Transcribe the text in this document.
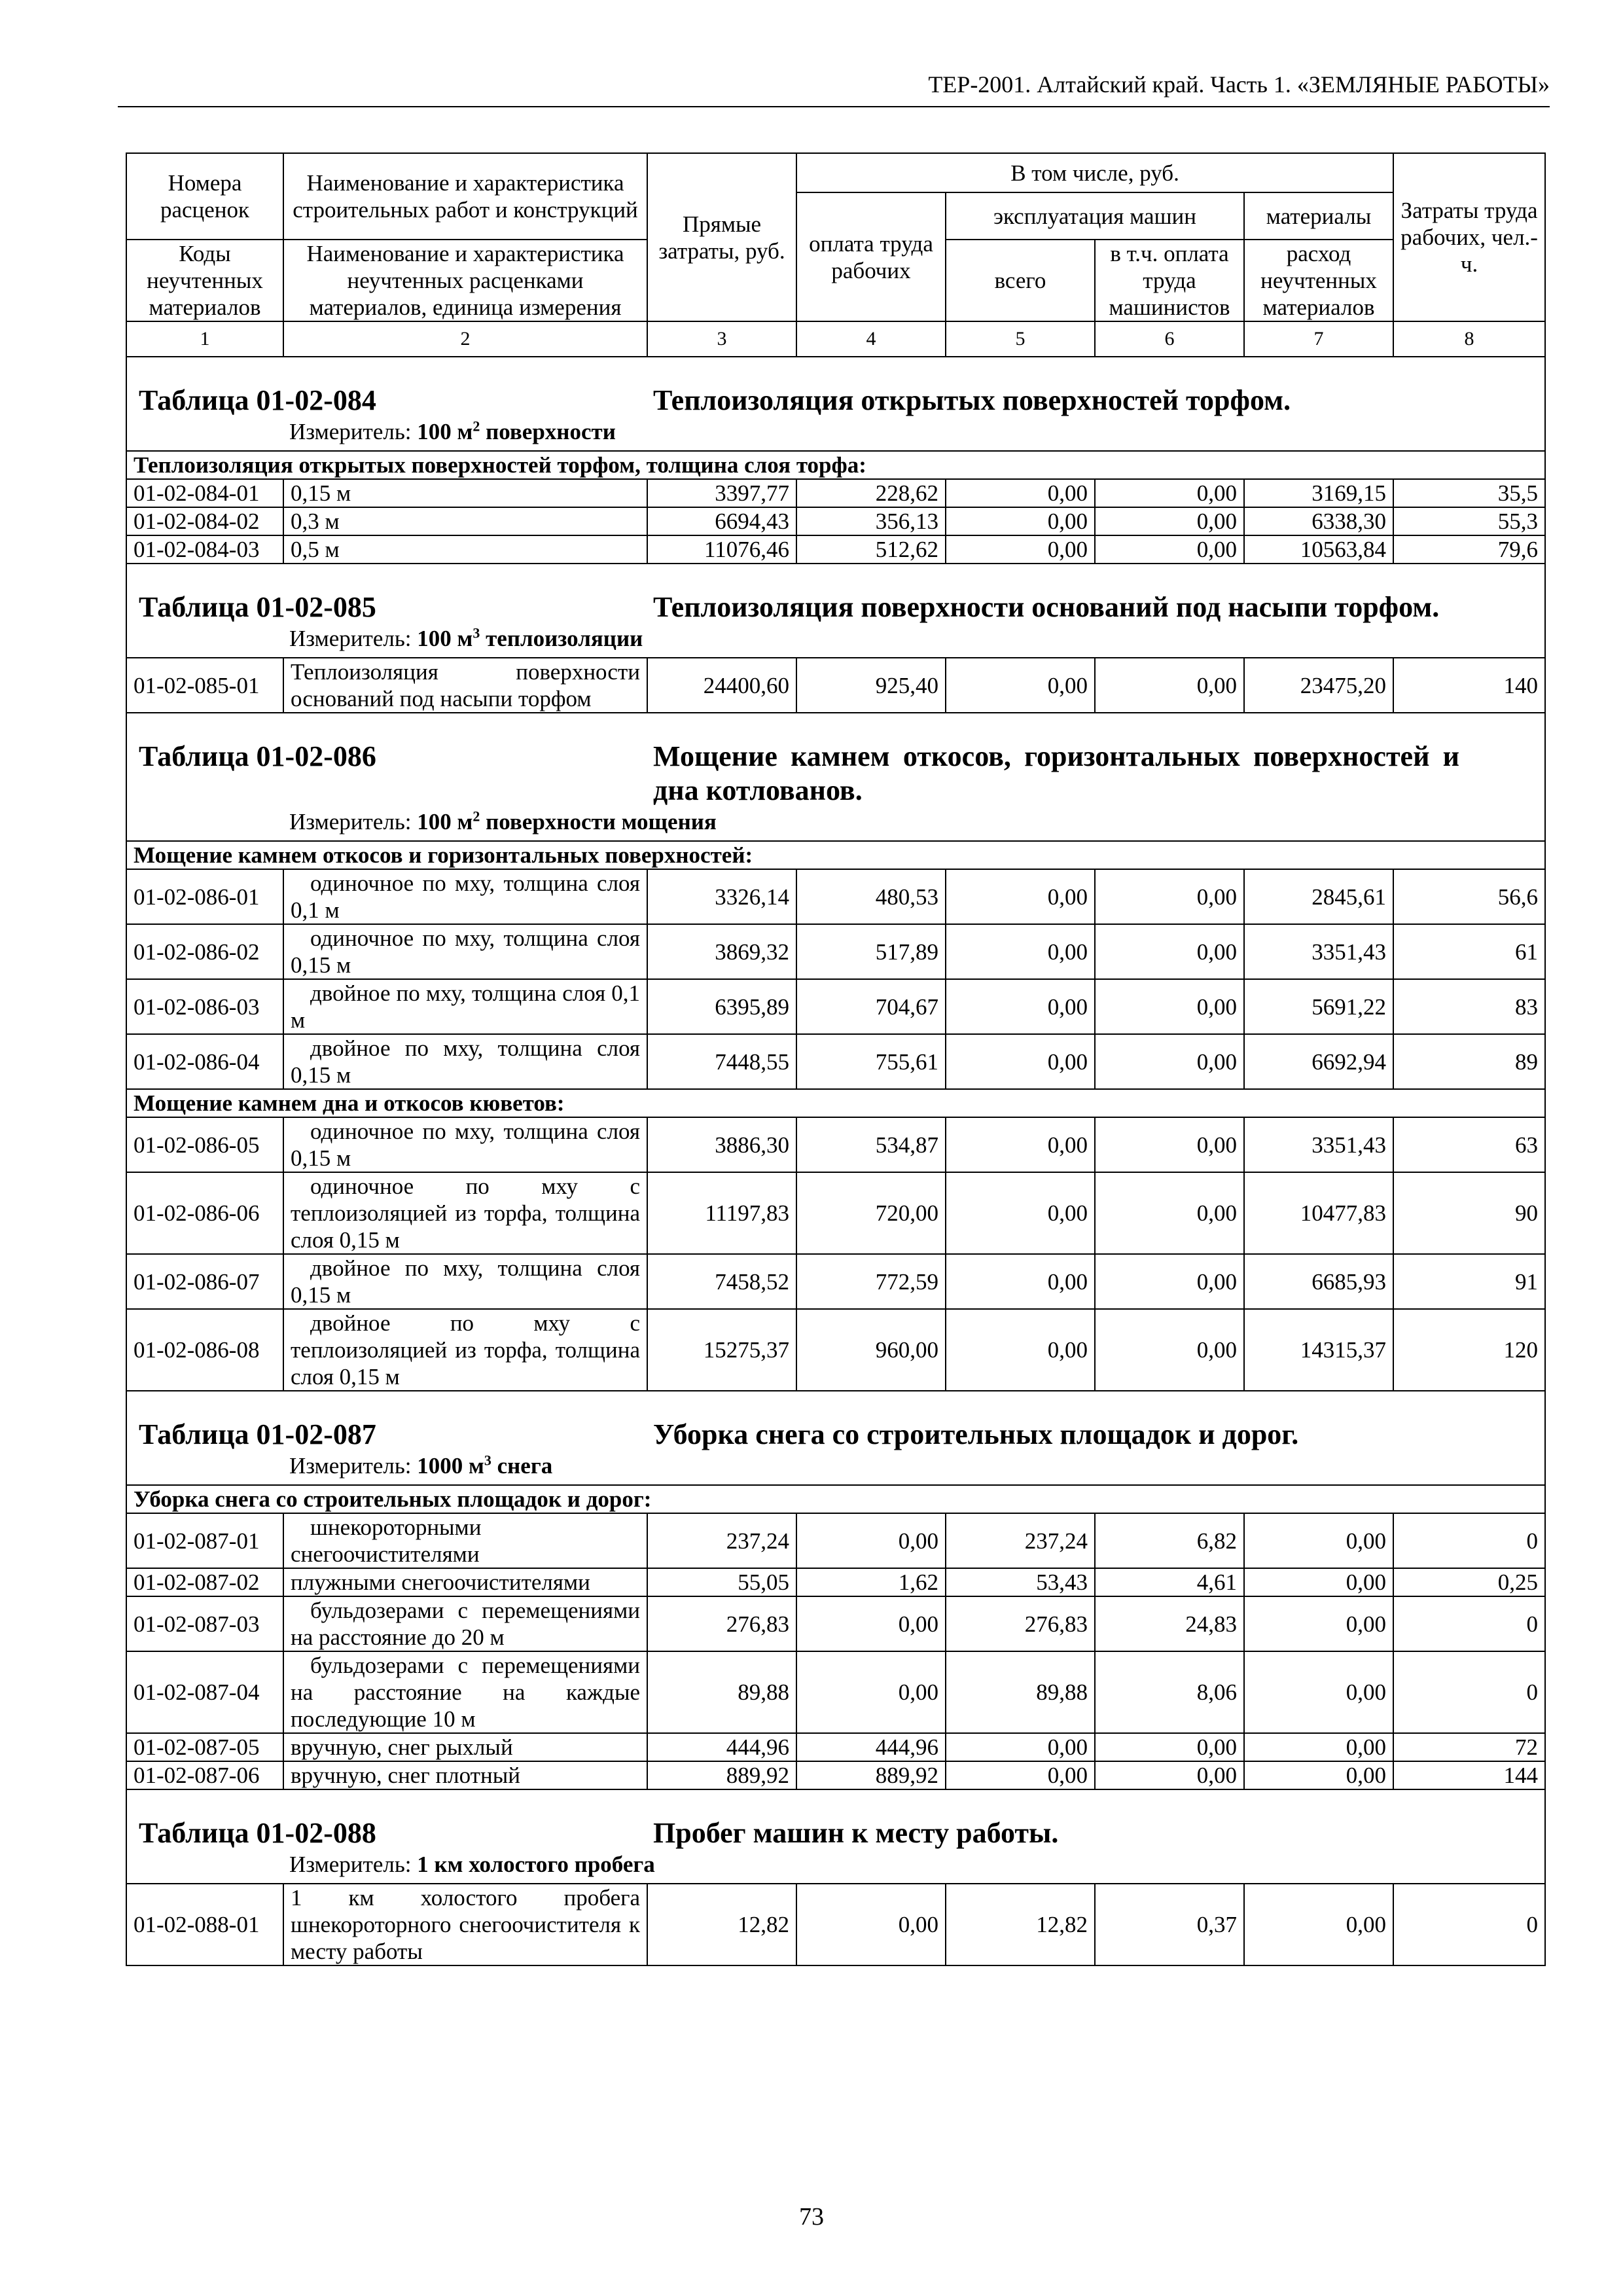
ТЕР-2001. Алтайский край. Часть 1. «ЗЕМЛЯНЫЕ РАБОТЫ»
Номера расценок	Наименование и характеристика строительных работ и конструкций	Прямые затраты, руб.	В том числе, руб.				Затраты труда рабочих, чел.-ч.
			оплата труда рабочих	эксплуатация машин		материалы	
Коды неучтенных материалов	Наименование и характеристика неучтенных расценками материалов, единица измерения			всего	в т.ч. оплата труда машинистов	расход неучтенных материалов	
1	2	3	4	5	6	7	8

Таблица 01-02-084 Теплоизоляция открытых поверхностей торфом.
Измеритель: 100 $м^2$ поверхности							

Теплоизоляция открытых поверхностей торфом, толщина слоя торфа:							
01-02-084-01	0,15 м	3397,77	228,62	0,00	0,00	3169,15	35,5
01-02-084-02	0,3 м	6694,43	356,13	0,00	0,00	6338,30	55,3
01-02-084-03	0,5 м	11076,46	512,62	0,00	0,00	10563,84	79,6

Таблица 01-02-085 Теплоизоляция поверхности оснований под насыпи торфом.
Измеритель: 100 $м^3$ теплоизоляции							

01-02-085-01	Теплоизоляция поверхности оснований под насыпи торфом	24400,60	925,40	0,00	0,00	23475,20	140

Таблица 01-02-086 Мощение камнем откосов, горизонтальных поверхностей и дна котлованов.
Измеритель: 100 $м^2$ поверхности мощения							

Мощение камнем откосов и горизонтальных поверхностей:							
01-02-086-01	одиночное по мху, толщина слоя 0,1 м	3326,14	480,53	0,00	0,00	2845,61	56,6
01-02-086-02	одиночное по мху, толщина слоя 0,15 м	3869,32	517,89	0,00	0,00	3351,43	61
01-02-086-03	двойное по мху, толщина слоя 0,1 м	6395,89	704,67	0,00	0,00	5691,22	83
01-02-086-04	двойное по мху, толщина слоя 0,15 м	7448,55	755,61	0,00	0,00	6692,94	89
Мощение камнем дна и откосов кюветов:							
01-02-086-05	одиночное по мху, толщина слоя 0,15 м	3886,30	534,87	0,00	0,00	3351,43	63
01-02-086-06	одиночное по мху с теплоизоляцией из торфа, толщина слоя 0,15 м	11197,83	720,00	0,00	0,00	10477,83	90
01-02-086-07	двойное по мху, толщина слоя 0,15 м	7458,52	772,59	0,00	0,00	6685,93	91
01-02-086-08	двойное по мху с теплоизоляцией из торфа, толщина слоя 0,15 м	15275,37	960,00	0,00	0,00	14315,37	120

Таблица 01-02-087 Уборка снега со строительных площадок и дорог.
Измеритель: 1000 $м^3$ снега							

Уборка снега со строительных площадок и дорог:							
01-02-087-01	шнекороторными снегоочистителями	237,24	0,00	237,24	6,82	0,00	0
01-02-087-02	плужными снегоочистителями	55,05	1,62	53,43	4,61	0,00	0,25
01-02-087-03	бульдозерами с перемещениями на расстояние до 20 м	276,83	0,00	276,83	24,83	0,00	0
01-02-087-04	бульдозерами с перемещениями на расстояние на каждые последующие 10 м	89,88	0,00	89,88	8,06	0,00	0
01-02-087-05	вручную, снег рыхлый	444,96	444,96	0,00	0,00	0,00	72
01-02-087-06	вручную, снег плотный	889,92	889,92	0,00	0,00	0,00	144

Таблица 01-02-088 Пробег машин к месту работы.
Измеритель: 1 км холостого пробега							

01-02-088-01	1 км холостого пробега шнекороторного снегоочистителя к месту работы	12,82	0,00	12,82	0,37	0,00	0
73
